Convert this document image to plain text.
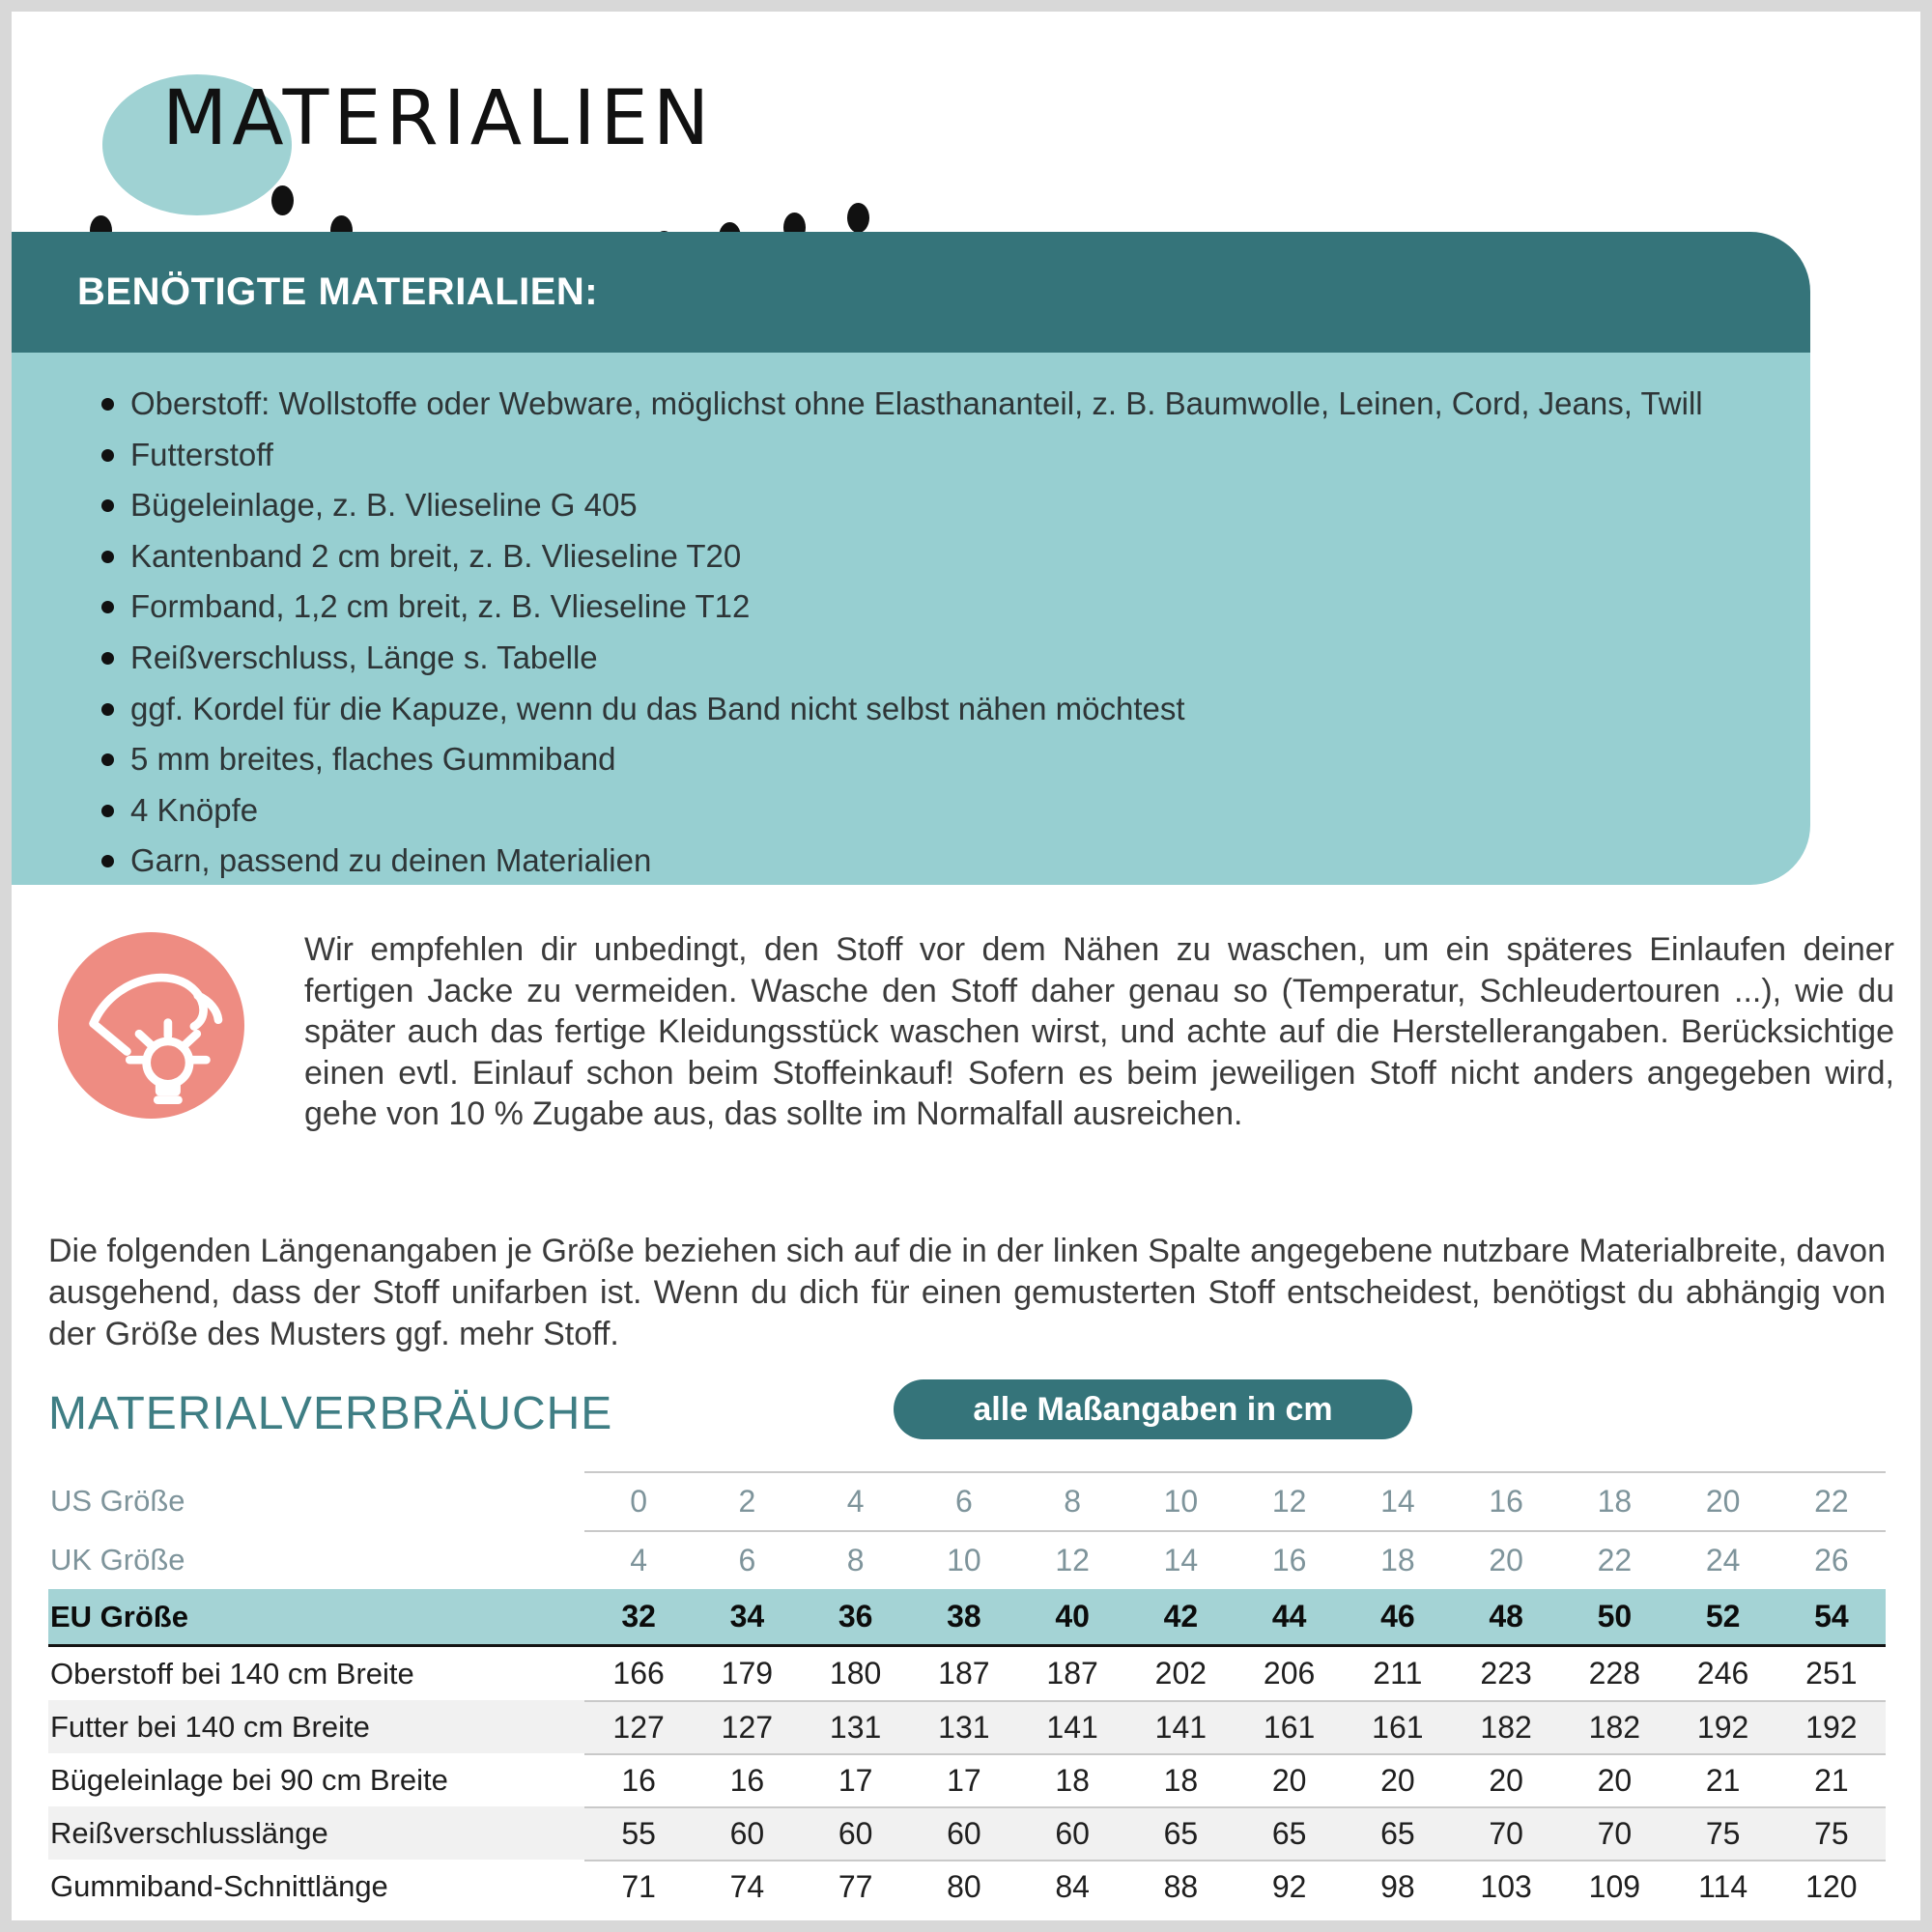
MATERIALIEN
BENÖTIGTE MATERIALIEN:
Oberstoff: Wollstoffe oder Webware, möglichst ohne Elasthananteil, z. B. Baumwolle, Leinen, Cord, Jeans, Twill
Futterstoff
Bügeleinlage, z. B. Vlieseline G 405
Kantenband 2 cm breit, z. B. Vlieseline T20
Formband, 1,2 cm breit, z. B. Vlieseline T12
Reißverschluss, Länge s. Tabelle
ggf. Kordel für die Kapuze, wenn du das Band nicht selbst nähen möchtest
5 mm breites, flaches Gummiband
4 Knöpfe
Garn, passend zu deinen Materialien

Wir empfehlen dir unbedingt, den Stoff vor dem Nähen zu waschen, um ein späteres Einlaufen deiner fertigen Jacke zu vermeiden. Wasche den Stoff daher genau so (Temperatur, Schleudertouren ...), wie du später auch das fertige Kleidungsstück waschen wirst, und achte auf die Herstellerangaben. Berücksichtige einen evtl. Einlauf schon beim Stoffeinkauf! Sofern es beim jeweiligen Stoff nicht anders angegeben wird, gehe von 10 % Zugabe aus, das sollte im Normalfall ausreichen.

Die folgenden Längenangaben je Größe beziehen sich auf die in der linken Spalte angegebene nutzbare Materialbreite, davon ausgehend, dass der Stoff unifarben ist. Wenn du dich für einen gemusterten Stoff entscheidest, benötigst du abhängig von der Größe des Musters ggf. mehr Stoff.

MATERIALVERBRÄUCHE	alle Maßangaben in cm
US Größe	0	2	4	6	8	10	12	14	16	18	20	22
UK Größe	4	6	8	10	12	14	16	18	20	22	24	26
EU Größe	32	34	36	38	40	42	44	46	48	50	52	54
Oberstoff bei 140 cm Breite	166	179	180	187	187	202	206	211	223	228	246	251
Futter bei 140 cm Breite	127	127	131	131	141	141	161	161	182	182	192	192
Bügeleinlage bei 90 cm Breite	16	16	17	17	18	18	20	20	20	20	21	21
Reißverschlusslänge	55	60	60	60	60	65	65	65	70	70	75	75
Gummiband-Schnittlänge	71	74	77	80	84	88	92	98	103	109	114	120
